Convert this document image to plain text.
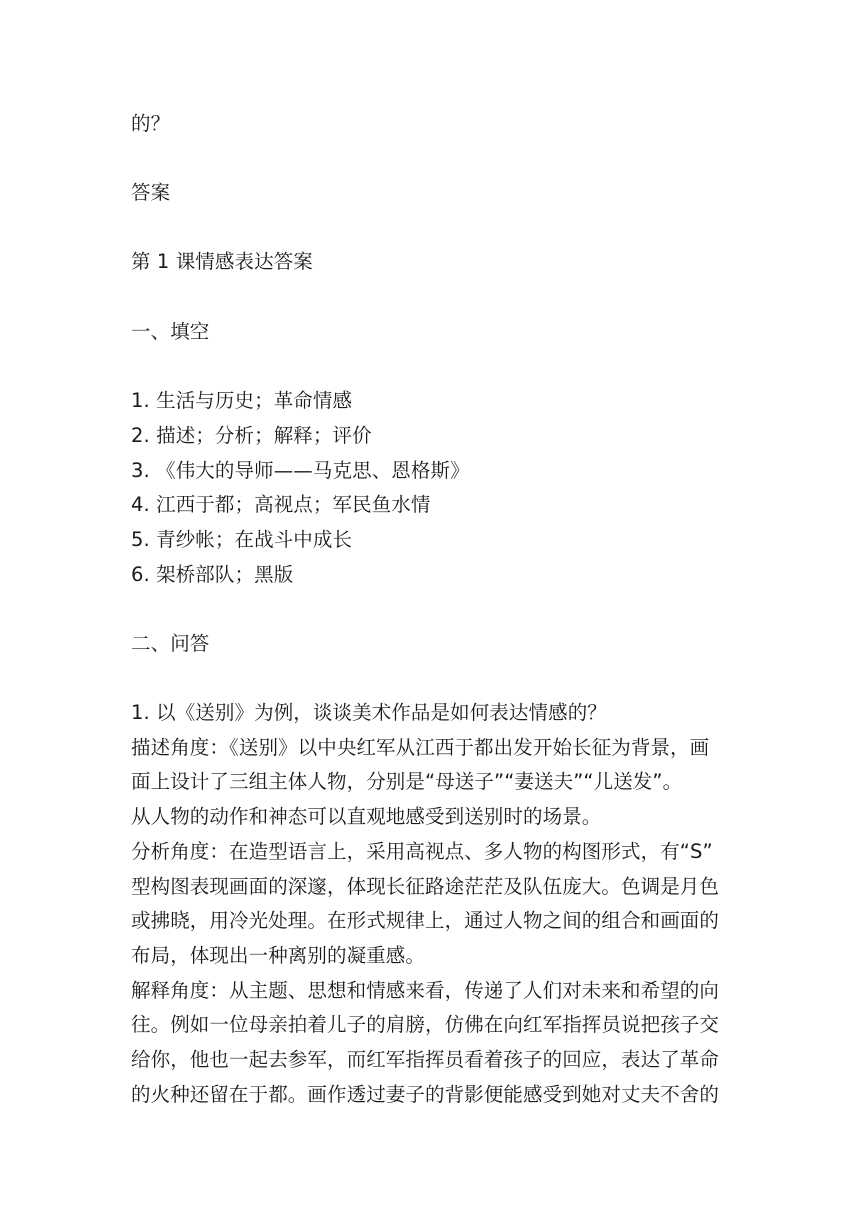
的？
答案
第 1 课情感表达答案
一、填空
1. 生活与历史；革命情感
2. 描述；分析；解释；评价
3. 《伟大的导师——马克思、恩格斯》
4. 江西于都；高视点；军民鱼水情
5. 青纱帐；在战斗中成长
6. 架桥部队；黑版
二、问答
1. 以《送别》为例，谈谈美术作品是如何表达情感的？
描述角度：《送别》以中央红军从江西于都出发开始长征为背景，画
面上设计了三组主体人物，分别是“母送子”“妻送夫”“儿送发”。
从人物的动作和神态可以直观地感受到送别时的场景。
分析角度：在造型语言上，采用高视点、多人物的构图形式，有“S”
型构图表现画面的深邃，体现长征路途茫茫及队伍庞大。色调是月色
或拂晓，用冷光处理。在形式规律上，通过人物之间的组合和画面的
布局，体现出一种离别的凝重感。
解释角度：从主题、思想和情感来看，传递了人们对未来和希望的向
往。例如一位母亲拍着儿子的肩膀，仿佛在向红军指挥员说把孩子交
给你，他也一起去参军，而红军指挥员看着孩子的回应，表达了革命
的火种还留在于都。画作透过妻子的背影便能感受到她对丈夫不舍的
